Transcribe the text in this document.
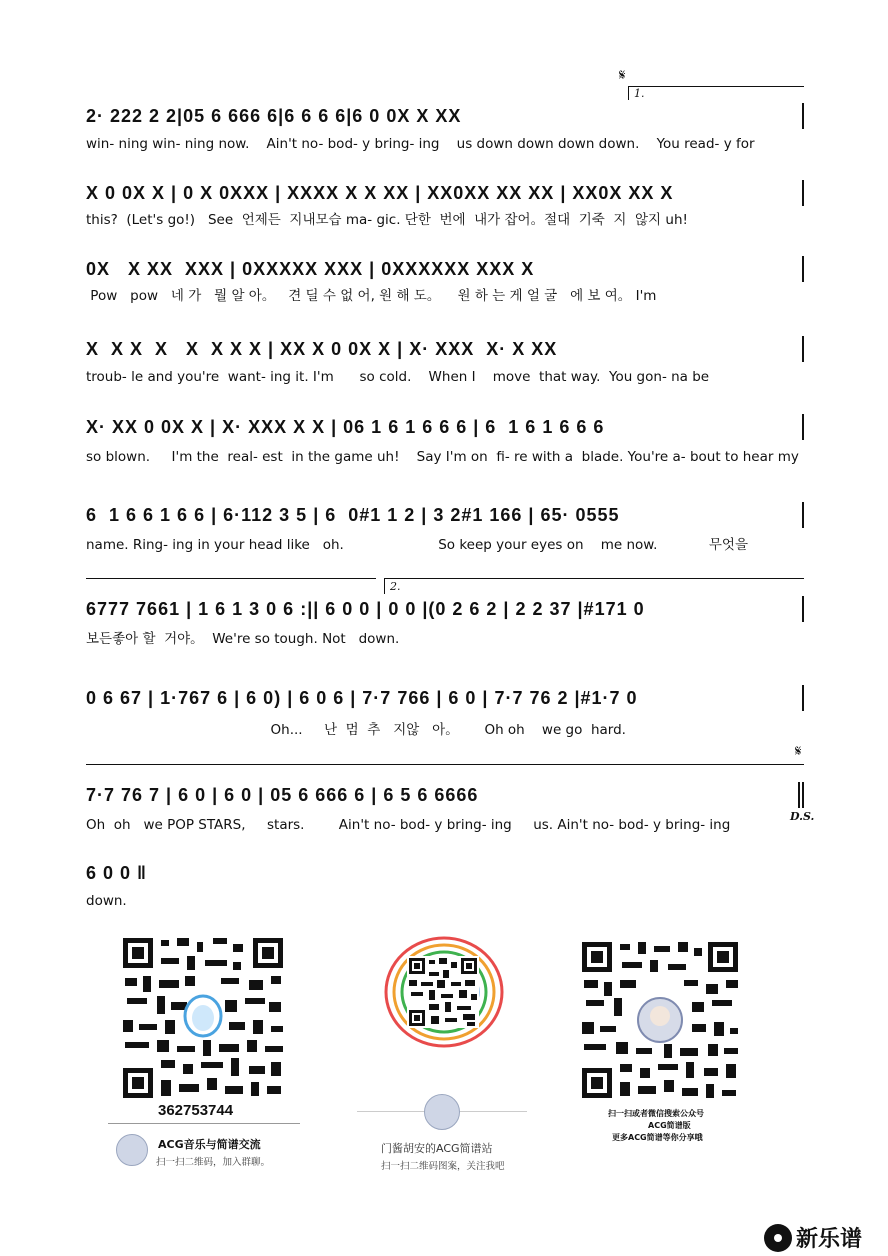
𝄋
1.
2· 222 2 2|05 6 666 6|6 6 6 6|6 0 0X X XX
win- ning win- ning now.    Ain't no- bod- y bring- ing    us down down down down.    You read- y for
X 0 0X X | 0 X 0XXX | XXXX X X XX | XX0XX XX XX | XX0X XX X
this?  (Let's go!)   See  언제든  지내모습 ma- gic. 단한  번에  내가 잡어。절대  기죽  지  않지 uh!
0X   X XX  XXX | 0XXXXX XXX | 0XXXXXX XXX X
Pow   pow   네 가   뭘 알 아。   견 딜 수 없 어, 원 해 도。    원 하 는 게 얼 굴   에 보 여。 I'm
X  X X  X   X  X X X | XX X 0 0X X | X· XXX  X· X XX
troub- le and you're  want- ing it. I'm      so cold.    When I    move  that way.  You gon- na be
X· XX 0 0X X | X· XXX X X | 06 1 6 1 6 6 6 | 6  1 6 1 6 6 6
so blown.     I'm the  real- est  in the game uh!    Say I'm on  fi- re with a  blade. You're a- bout to hear my
6  1 6 6 1 6 6 | 6·112 3 5 | 6  0#1 1 2 | 3 2#1 166 | 65· 0555
name. Ring- ing in your head like   oh.                      So keep your eyes on    me now.            무엇을
2.
6777 7661 | 1 6 1 3 0 6 :|| 6 0 0 | 0 0 |(0 2 6 2 | 2 2 37 |#171 0
보든좋아 할  거야。  We're so tough. Not   down.
0 6 67 | 1·767 6 | 6 0) | 6 0 6 | 7·7 766 | 6 0 | 7·7 76 2 |#1·7 0
Oh...     난  멈  추   지않   아。      Oh oh    we go  hard.
𝄋
7·7 76 7 | 6 0 | 6 0 | 05 6 666 6 | 6 5 6 6666
D.S.
Oh  oh   we POP STARS,     stars.        Ain't no- bod- y bring- ing     us. Ain't no- bod- y bring- ing
6 0 0 ‖
down.
362753744
ACG音乐与简谱交流
扫一扫二维码，加入群聊。
门酱胡安的ACG简谱站
扫一扫二维码图案，关注我吧
扫一扫或者微信搜索公众号
ACG简谱版
更多ACG简谱等你分享哦
新乐谱
